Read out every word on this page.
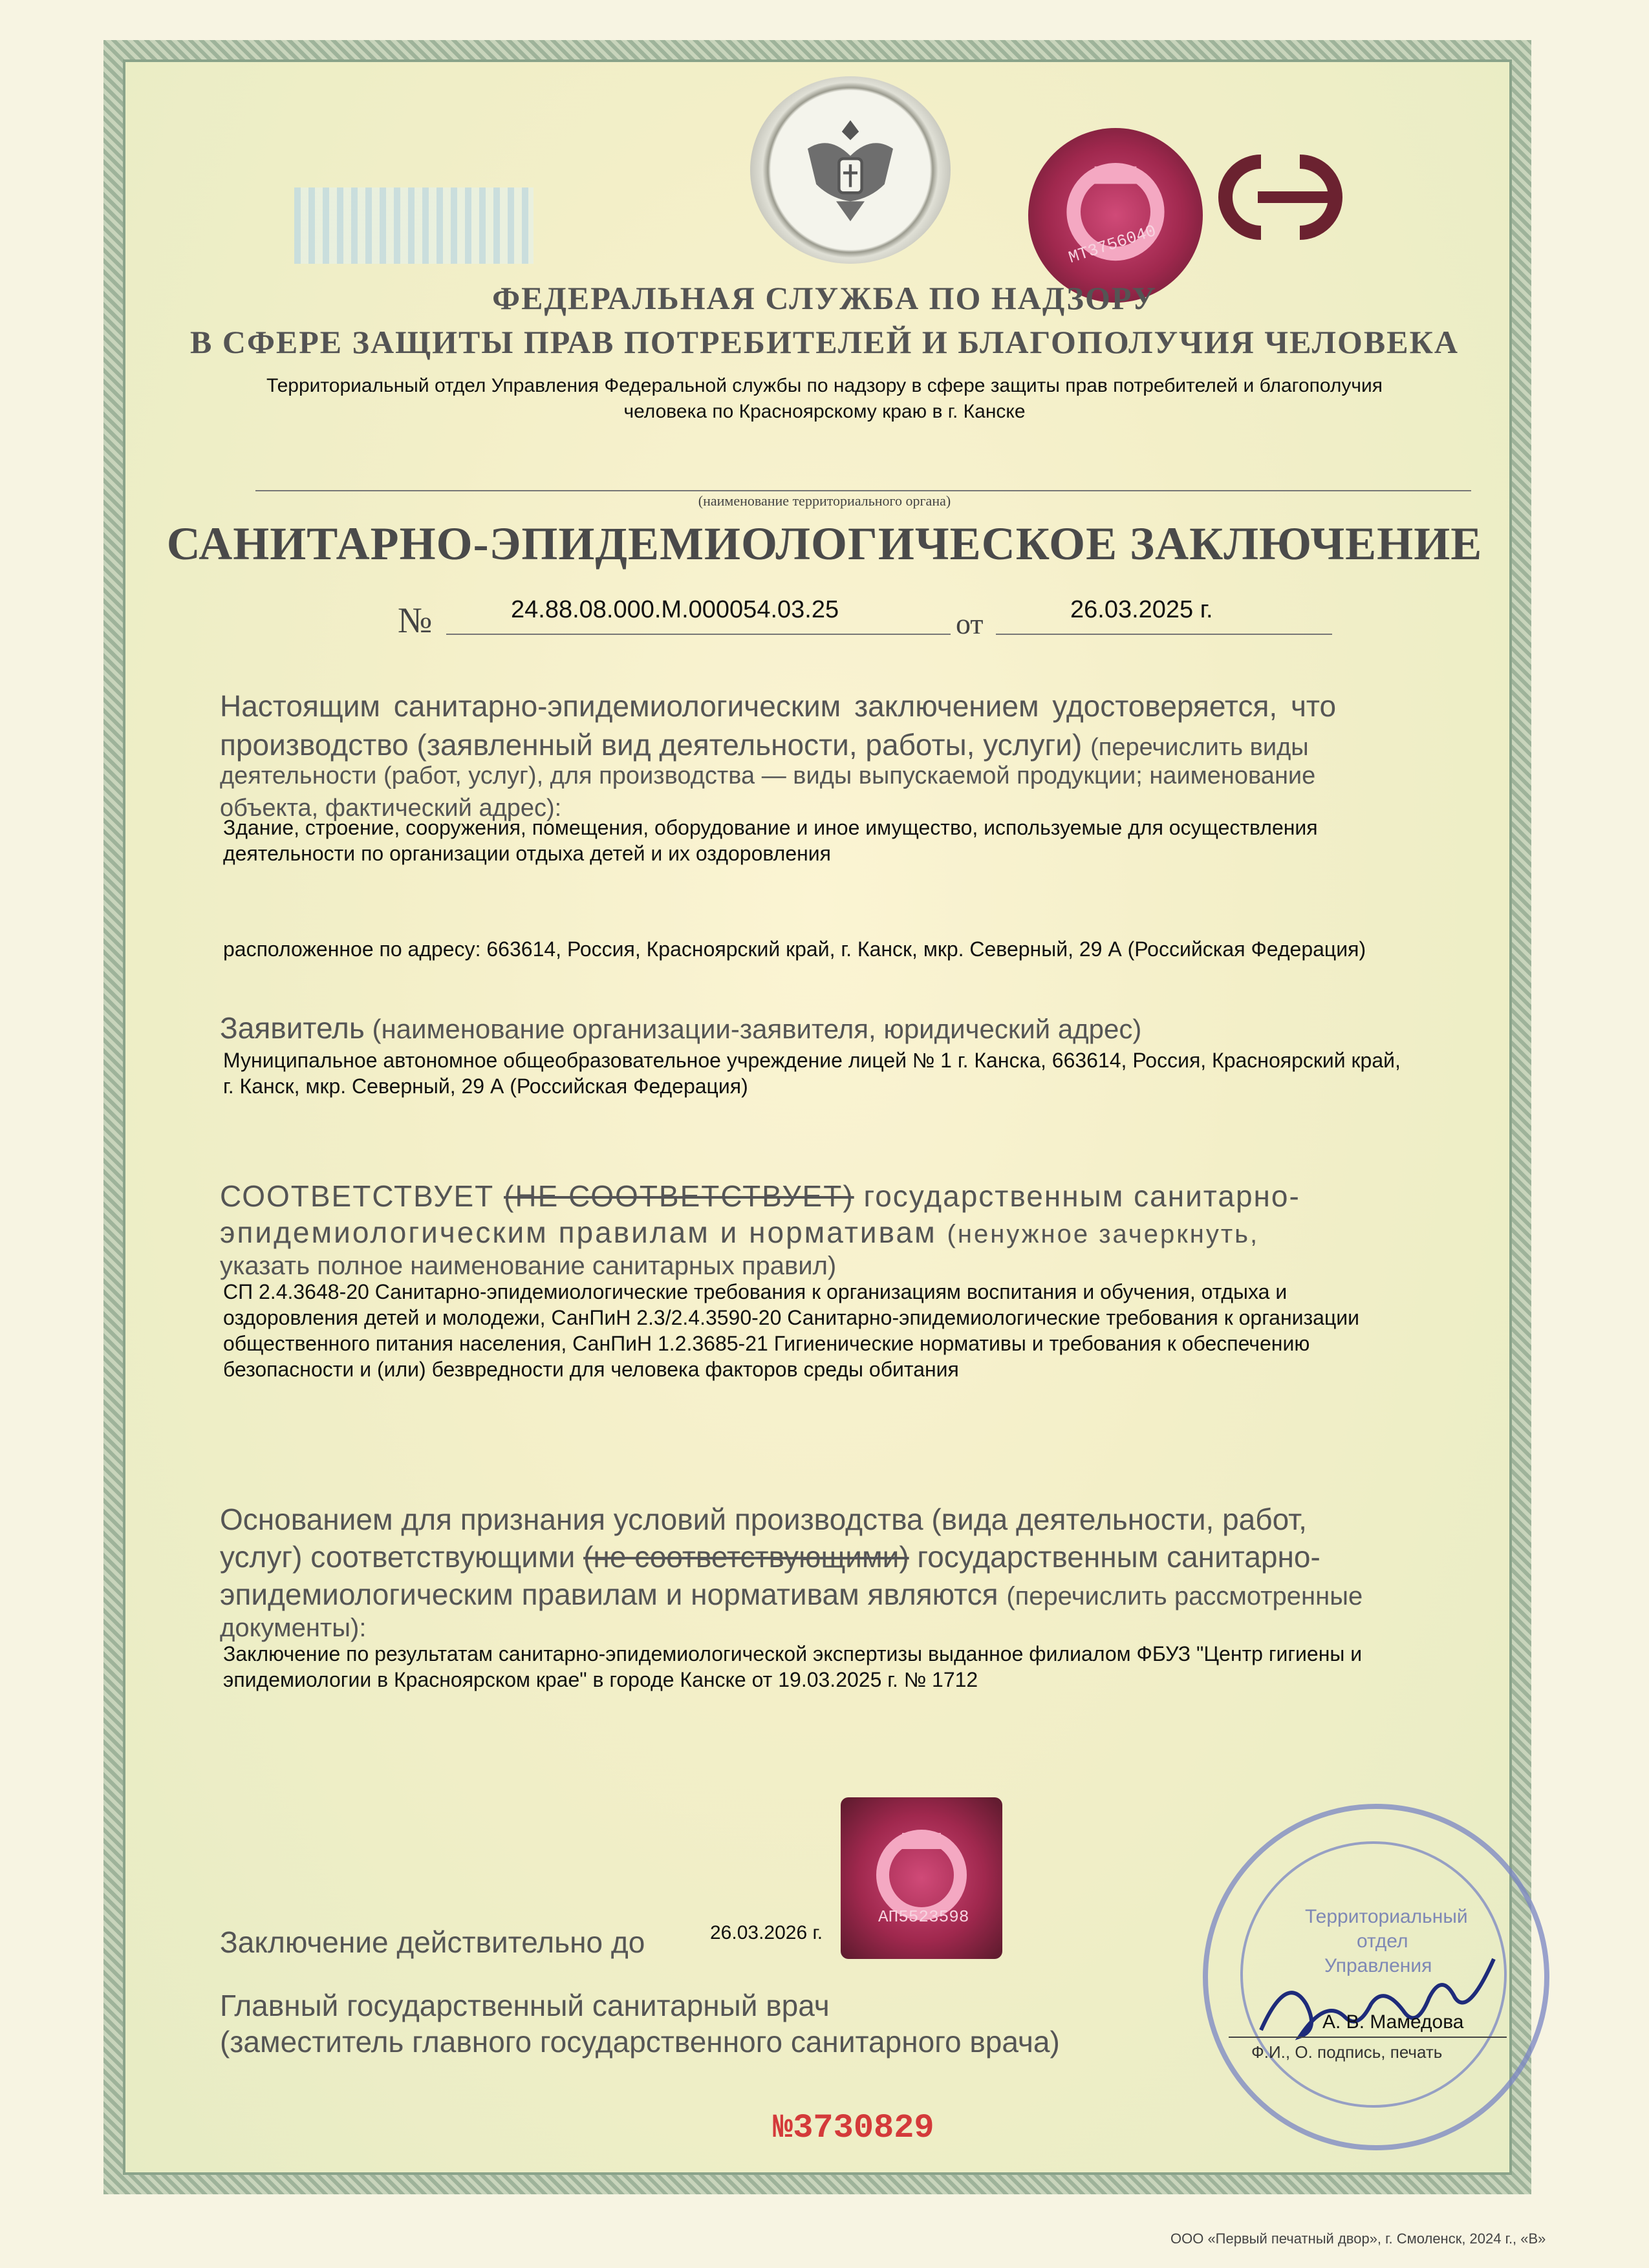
МТ3756040
ФЕДЕРАЛЬНАЯ СЛУЖБА ПО НАДЗОРУ
В СФЕРЕ ЗАЩИТЫ ПРАВ ПОТРЕБИТЕЛЕЙ И БЛАГОПОЛУЧИЯ ЧЕЛОВЕКА
Территориальный отдел Управления Федеральной службы по надзору в сфере защиты прав потребителей и благополучия
человека по Красноярскому краю в г. Канске
(наименование территориального органа)
САНИТАРНО-ЭПИДЕМИОЛОГИЧЕСКОЕ ЗАКЛЮЧЕНИЕ
№	24.88.08.000.М.000054.03.25	от	26.03.2025 г.
Настоящим санитарно-эпидемиологическим заключением удостоверяется, что
производство (заявленный вид деятельности, работы, услуги) (перечислить виды
деятельности (работ, услуг), для производства — виды выпускаемой продукции; наименование
объекта, фактический адрес):
Здание, строение, сооружения, помещения, оборудование и иное имущество, используемые для осуществления
деятельности по организации отдыха детей и их оздоровления
расположенное по адресу: 663614, Россия, Красноярский край, г. Канск, мкр. Северный, 29 А (Российская Федерация)
Заявитель (наименование организации-заявителя, юридический адрес)
Муниципальное автономное общеобразовательное учреждение лицей № 1 г. Канска, 663614, Россия, Красноярский край,
г. Канск, мкр. Северный, 29 А (Российская Федерация)
СООТВЕТСТВУЕТ (НЕ СООТВЕТСТВУЕТ) государственным санитарно-
эпидемиологическим правилам и нормативам (ненужное зачеркнуть,
указать полное наименование санитарных правил)
СП 2.4.3648-20 Санитарно-эпидемиологические требования к организациям воспитания и обучения, отдыха и
оздоровления детей и молодежи, СанПиН 2.3/2.4.3590-20 Санитарно-эпидемиологические требования к организации
общественного питания населения, СанПиН 1.2.3685-21 Гигиенические нормативы и требования к обеспечению
безопасности и (или) безвредности для человека факторов среды обитания
Основанием для признания условий производства (вида деятельности, работ,
услуг) соответствующими (не соответствующими) государственным санитарно-
эпидемиологическим правилам и нормативам являются (перечислить рассмотренные
документы):
Заключение по результатам санитарно-эпидемиологической экспертизы выданное филиалом ФБУЗ "Центр гигиены и
эпидемиологии в Красноярском крае" в городе Канске от 19.03.2025 г. № 1712
АП5523598
Заключение действительно до	26.03.2026 г.
Главный государственный санитарный врач
(заместитель главного государственного санитарного врача)
Территориальный
отдел
Управления
А. В. Мамедова
Ф.И., О. подпись, печать
№3730829
ООО «Первый печатный двор», г. Смоленск, 2024 г., «В»
